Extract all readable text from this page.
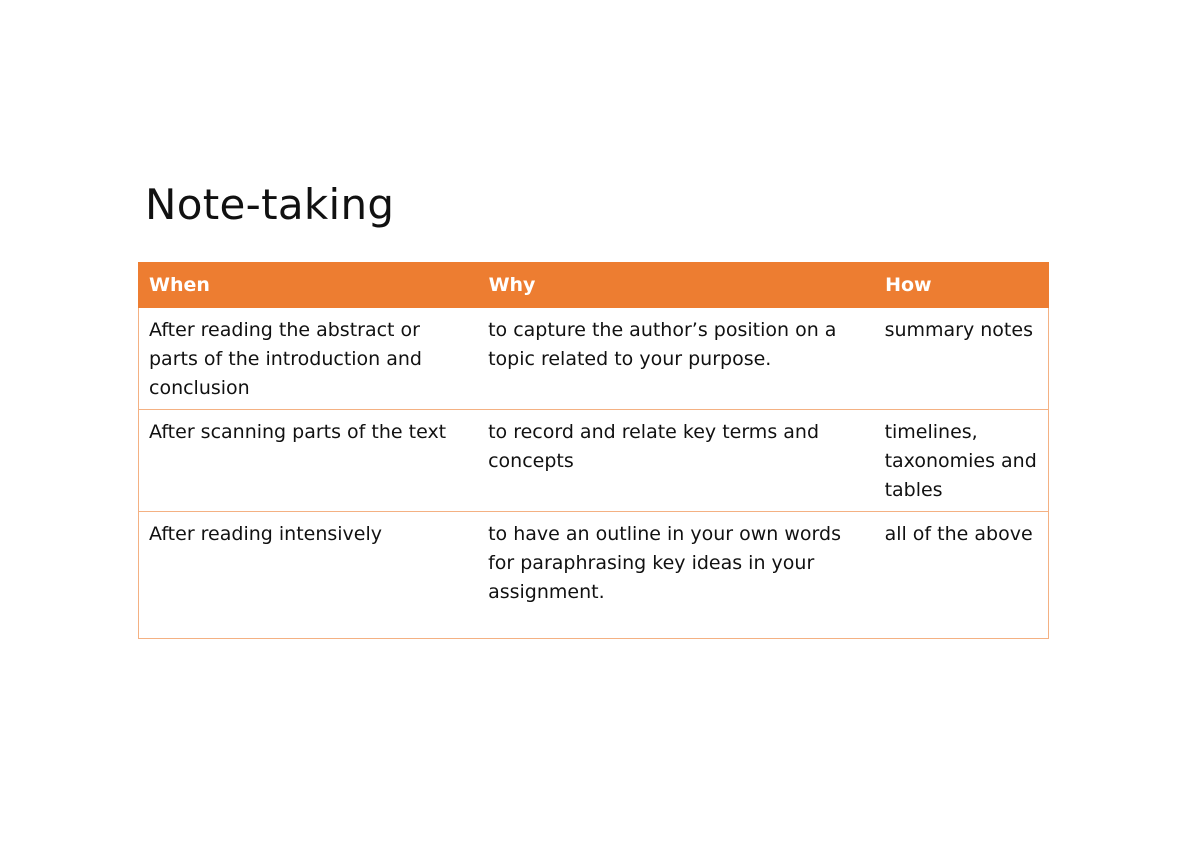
Note-taking
When	Why	How
After reading the abstract or parts of the introduction and conclusion	to capture the author’s position on a topic related to your purpose.	summary notes
After scanning parts of the text	to record and relate key terms and concepts	timelines, taxonomies and tables
After reading intensively	to have an outline in your own words for paraphrasing key ideas in your assignment.	all of the above
